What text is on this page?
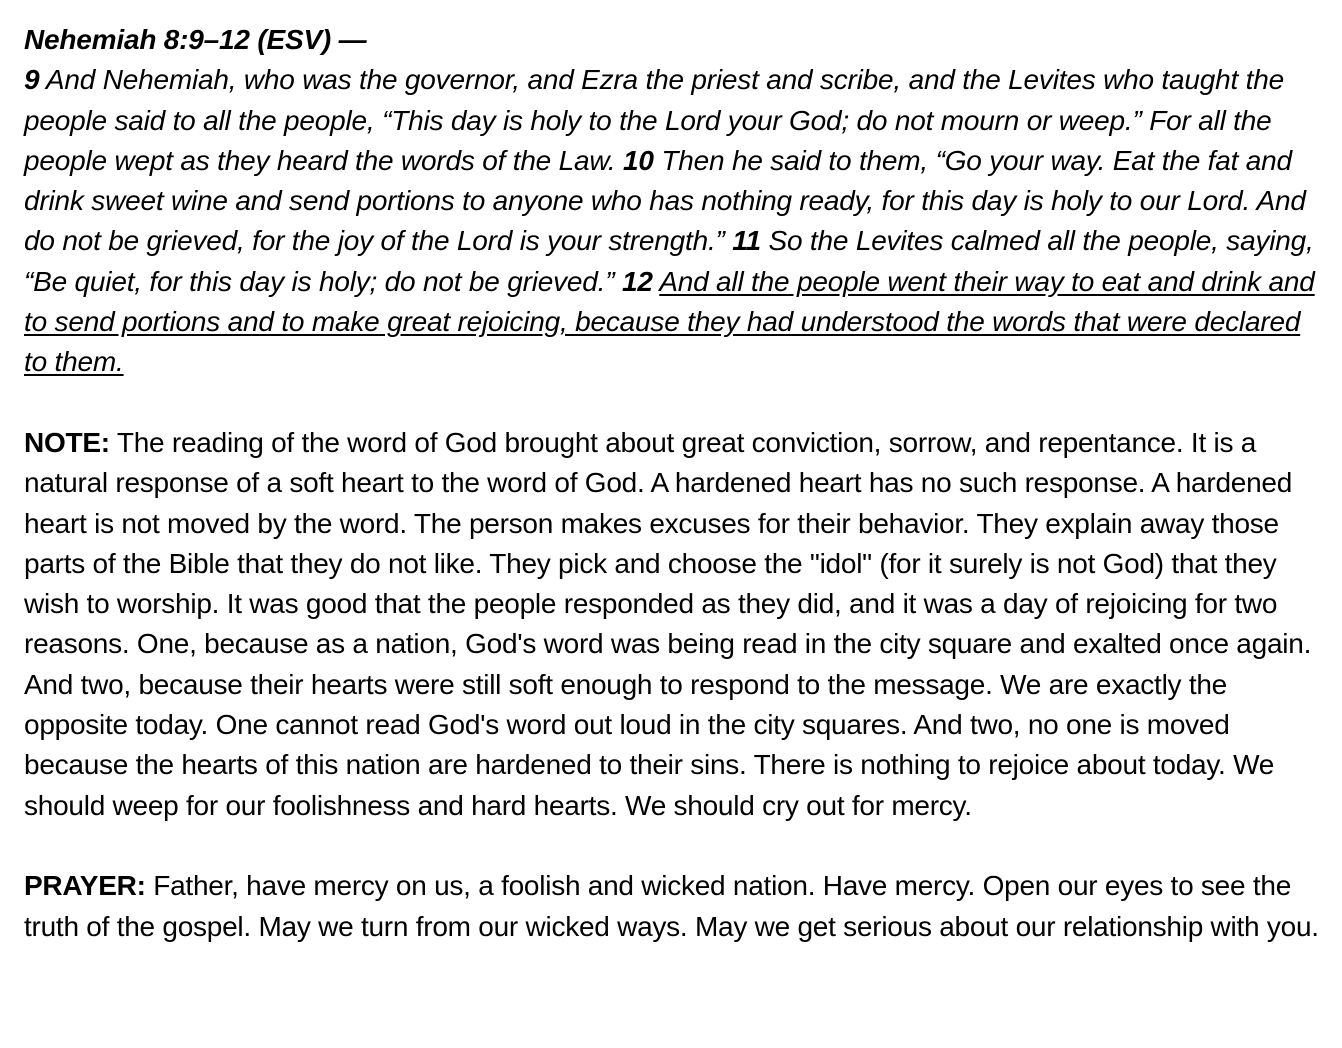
Nehemiah 8:9–12 (ESV) —
9 And Nehemiah, who was the governor, and Ezra the priest and scribe, and the Levites who taught the people said to all the people, “This day is holy to the Lord your God; do not mourn or weep.” For all the people wept as they heard the words of the Law. 10 Then he said to them, “Go your way. Eat the fat and drink sweet wine and send portions to anyone who has nothing ready, for this day is holy to our Lord. And do not be grieved, for the joy of the Lord is your strength.” 11 So the Levites calmed all the people, saying, “Be quiet, for this day is holy; do not be grieved.” 12 And all the people went their way to eat and drink and to send portions and to make great rejoicing, because they had understood the words that were declared to them.

NOTE: The reading of the word of God brought about great conviction, sorrow, and repentance. It is a natural response of a soft heart to the word of God. A hardened heart has no such response. A hardened heart is not moved by the word. The person makes excuses for their behavior. They explain away those parts of the Bible that they do not like. They pick and choose the "idol" (for it surely is not God) that they wish to worship. It was good that the people responded as they did, and it was a day of rejoicing for two reasons. One, because as a nation, God's word was being read in the city square and exalted once again. And two, because their hearts were still soft enough to respond to the message. We are exactly the opposite today. One cannot read God's word out loud in the city squares. And two, no one is moved because the hearts of this nation are hardened to their sins. There is nothing to rejoice about today. We should weep for our foolishness and hard hearts. We should cry out for mercy.

PRAYER: Father, have mercy on us, a foolish and wicked nation. Have mercy. Open our eyes to see the truth of the gospel. May we turn from our wicked ways. May we get serious about our relationship with you.
